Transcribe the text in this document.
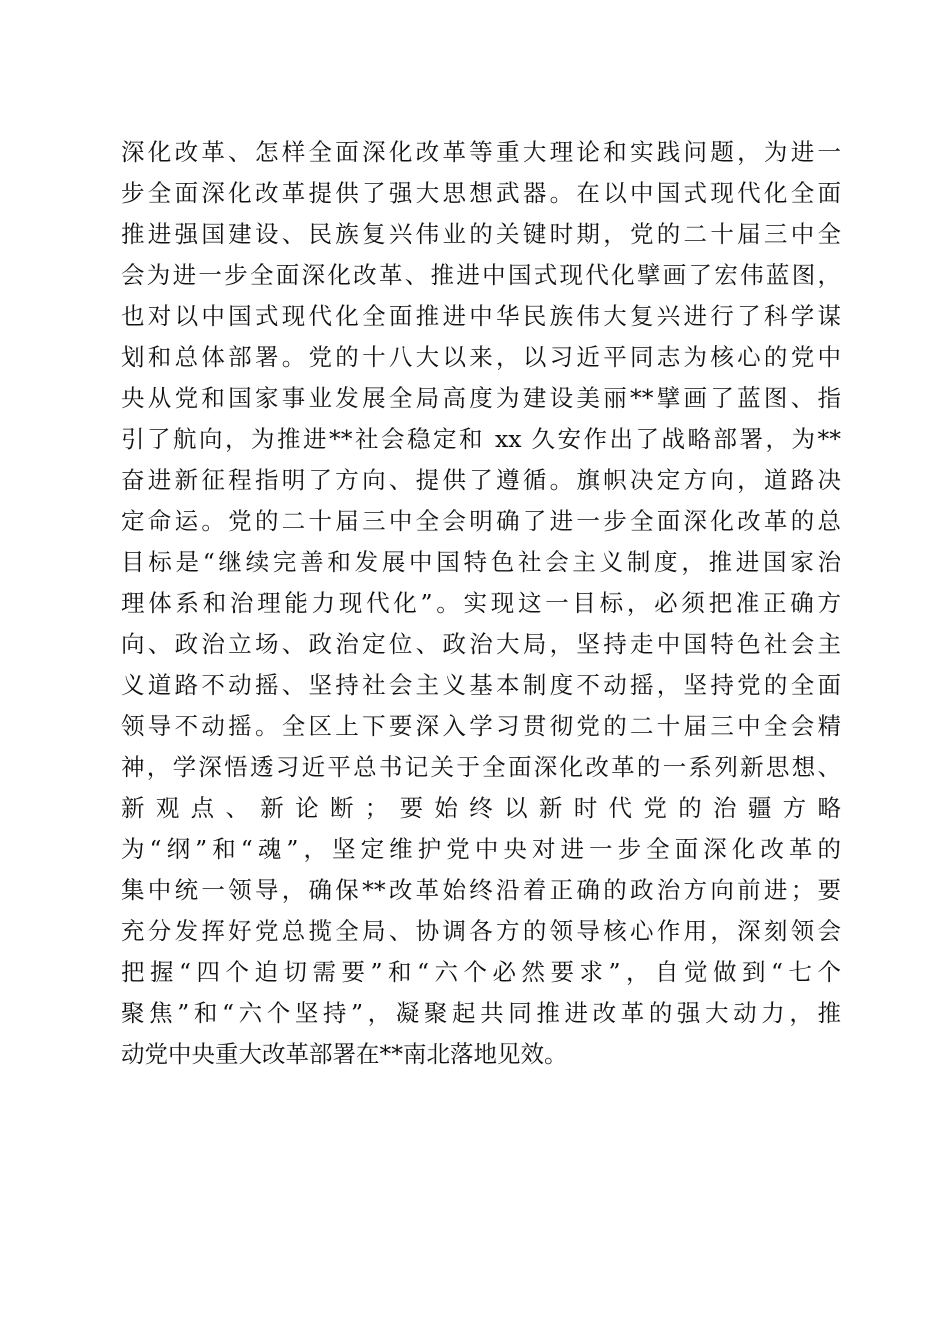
深化改革、怎样全面深化改革等重大理论和实践问题，为进一
步全面深化改革提供了强大思想武器。在以中国式现代化全面
推进强国建设、民族复兴伟业的关键时期，党的二十届三中全
会为进一步全面深化改革、推进中国式现代化擘画了宏伟蓝图，
也对以中国式现代化全面推进中华民族伟大复兴进行了科学谋
划和总体部署。党的十八大以来，以习近平同志为核心的党中
央从党和国家事业发展全局高度为建设美丽**擘画了蓝图、指
引了航向，为推进**社会稳定和 xx 久安作出了战略部署，为**
奋进新征程指明了方向、提供了遵循。旗帜决定方向，道路决
定命运。党的二十届三中全会明确了进一步全面深化改革的总
目标是“继续完善和发展中国特色社会主义制度，推进国家治
理体系和治理能力现代化”。实现这一目标，必须把准正确方
向、政治立场、政治定位、政治大局，坚持走中国特色社会主
义道路不动摇、坚持社会主义基本制度不动摇，坚持党的全面
领导不动摇。全区上下要深入学习贯彻党的二十届三中全会精
神，学深悟透习近平总书记关于全面深化改革的一系列新思想、
新观点、新论断；要始终以新时代党的治疆方略
为“纲”和“魂”，坚定维护党中央对进一步全面深化改革的
集中统一领导，确保**改革始终沿着正确的政治方向前进；要
充分发挥好党总揽全局、协调各方的领导核心作用，深刻领会
把握“四个迫切需要”和“六个必然要求”，自觉做到“七个
聚焦”和“六个坚持”，凝聚起共同推进改革的强大动力，推
动党中央重大改革部署在**南北落地见效。
